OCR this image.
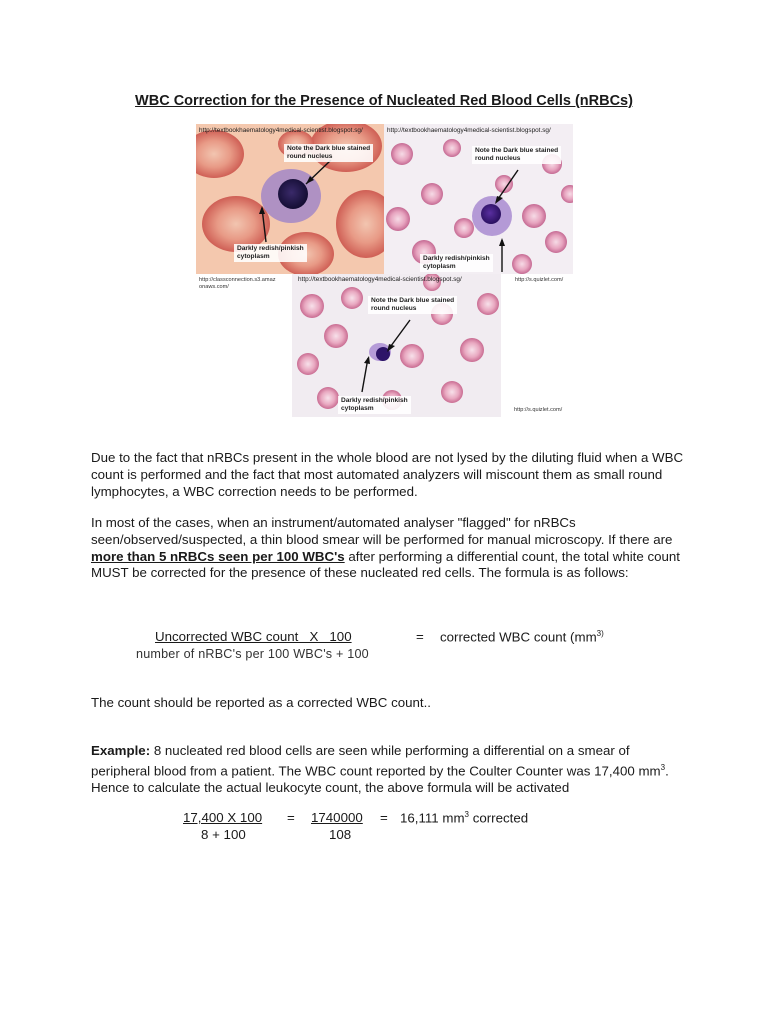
WBC Correction for the Presence of Nucleated Red Blood Cells (nRBCs)
Note the Dark blue stained
round nucleus
Darkly redish/pinkish
cytoplasm
http://textbookhaematology4medical-scientist.blogspot.sg/
Note the Dark blue stained
round nucleus
Darkly redish/pinkish
cytoplasm
http://textbookhaematology4medical-scientist.blogspot.sg/
http://classconnection.s3.amaz
onaws.com/
http://s.quizlet.com/
Note the Dark blue stained
round nucleus
Darkly redish/pinkish
cytoplasm
http://textbookhaematology4medical-scientist.blogspot.sg/
http://s.quizlet.com/

Due to the fact that nRBCs present in the whole blood are not lysed by the diluting fluid when a WBC count is performed and the fact that most automated analyzers will miscount them as small round lymphocytes, a WBC correction needs to be performed.

In most of the cases, when an instrument/automated analyser "flagged" for nRBCs seen/observed/suspected, a thin blood smear will be performed for manual microscopy. If there are more than 5 nRBCs seen per 100 WBC's after performing a differential count, the total white count MUST be corrected for the presence of these nucleated red cells. The formula is as follows:

Uncorrected WBC count   X   100
number of nRBC's per 100 WBC's + 100
= corrected WBC count ($mm^{3)}$

The count should be reported as a corrected WBC count..

Example: 8 nucleated red blood cells are seen while performing a differential on a smear of peripheral blood from a patient. The WBC count reported by the Coulter Counter was 17,400 $mm^3$. Hence to calculate the actual leukocyte count, the above formula will be activated

17,400 X 100
8 + 100
= 1740000
108
= 16,111 $mm^3$ corrected
